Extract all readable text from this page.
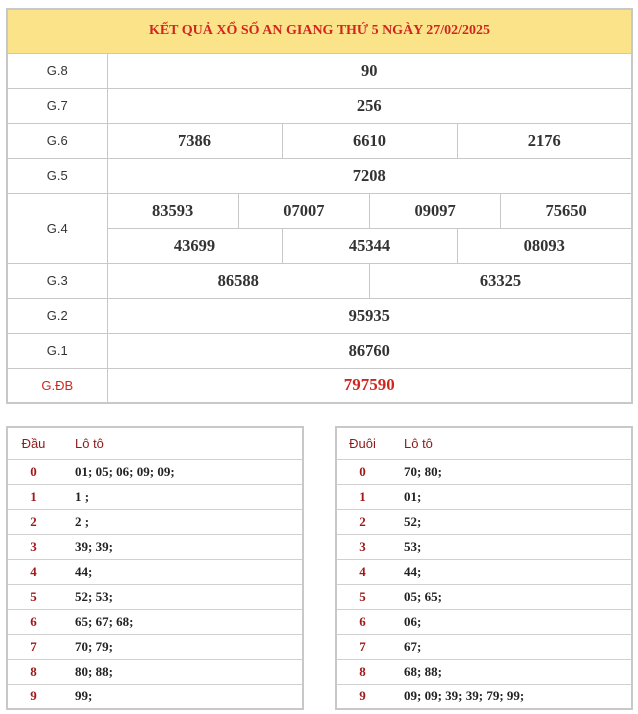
KẾT QUẢ XỔ SỐ AN GIANG THỨ 5 NGÀY 27/02/2025						
G.8	90					
G.7	256					
G.6	7386		6610		2176	
G.5	7208					
G.4	83593	07007		09097		75650
	43699		45344		08093	
G.3	86588			63325		
G.2	95935					
G.1	86760					
G.ĐB	797590					
Đầu	Lô tô
0	01; 05; 06; 09; 09;
1	1 ;
2	2 ;
3	39; 39;
4	44;
5	52; 53;
6	65; 67; 68;
7	70; 79;
8	80; 88;
9	99;
Đuôi	Lô tô
0	70; 80;
1	01;
2	52;
3	53;
4	44;
5	05; 65;
6	06;
7	67;
8	68; 88;
9	09; 09; 39; 39; 79; 99;
